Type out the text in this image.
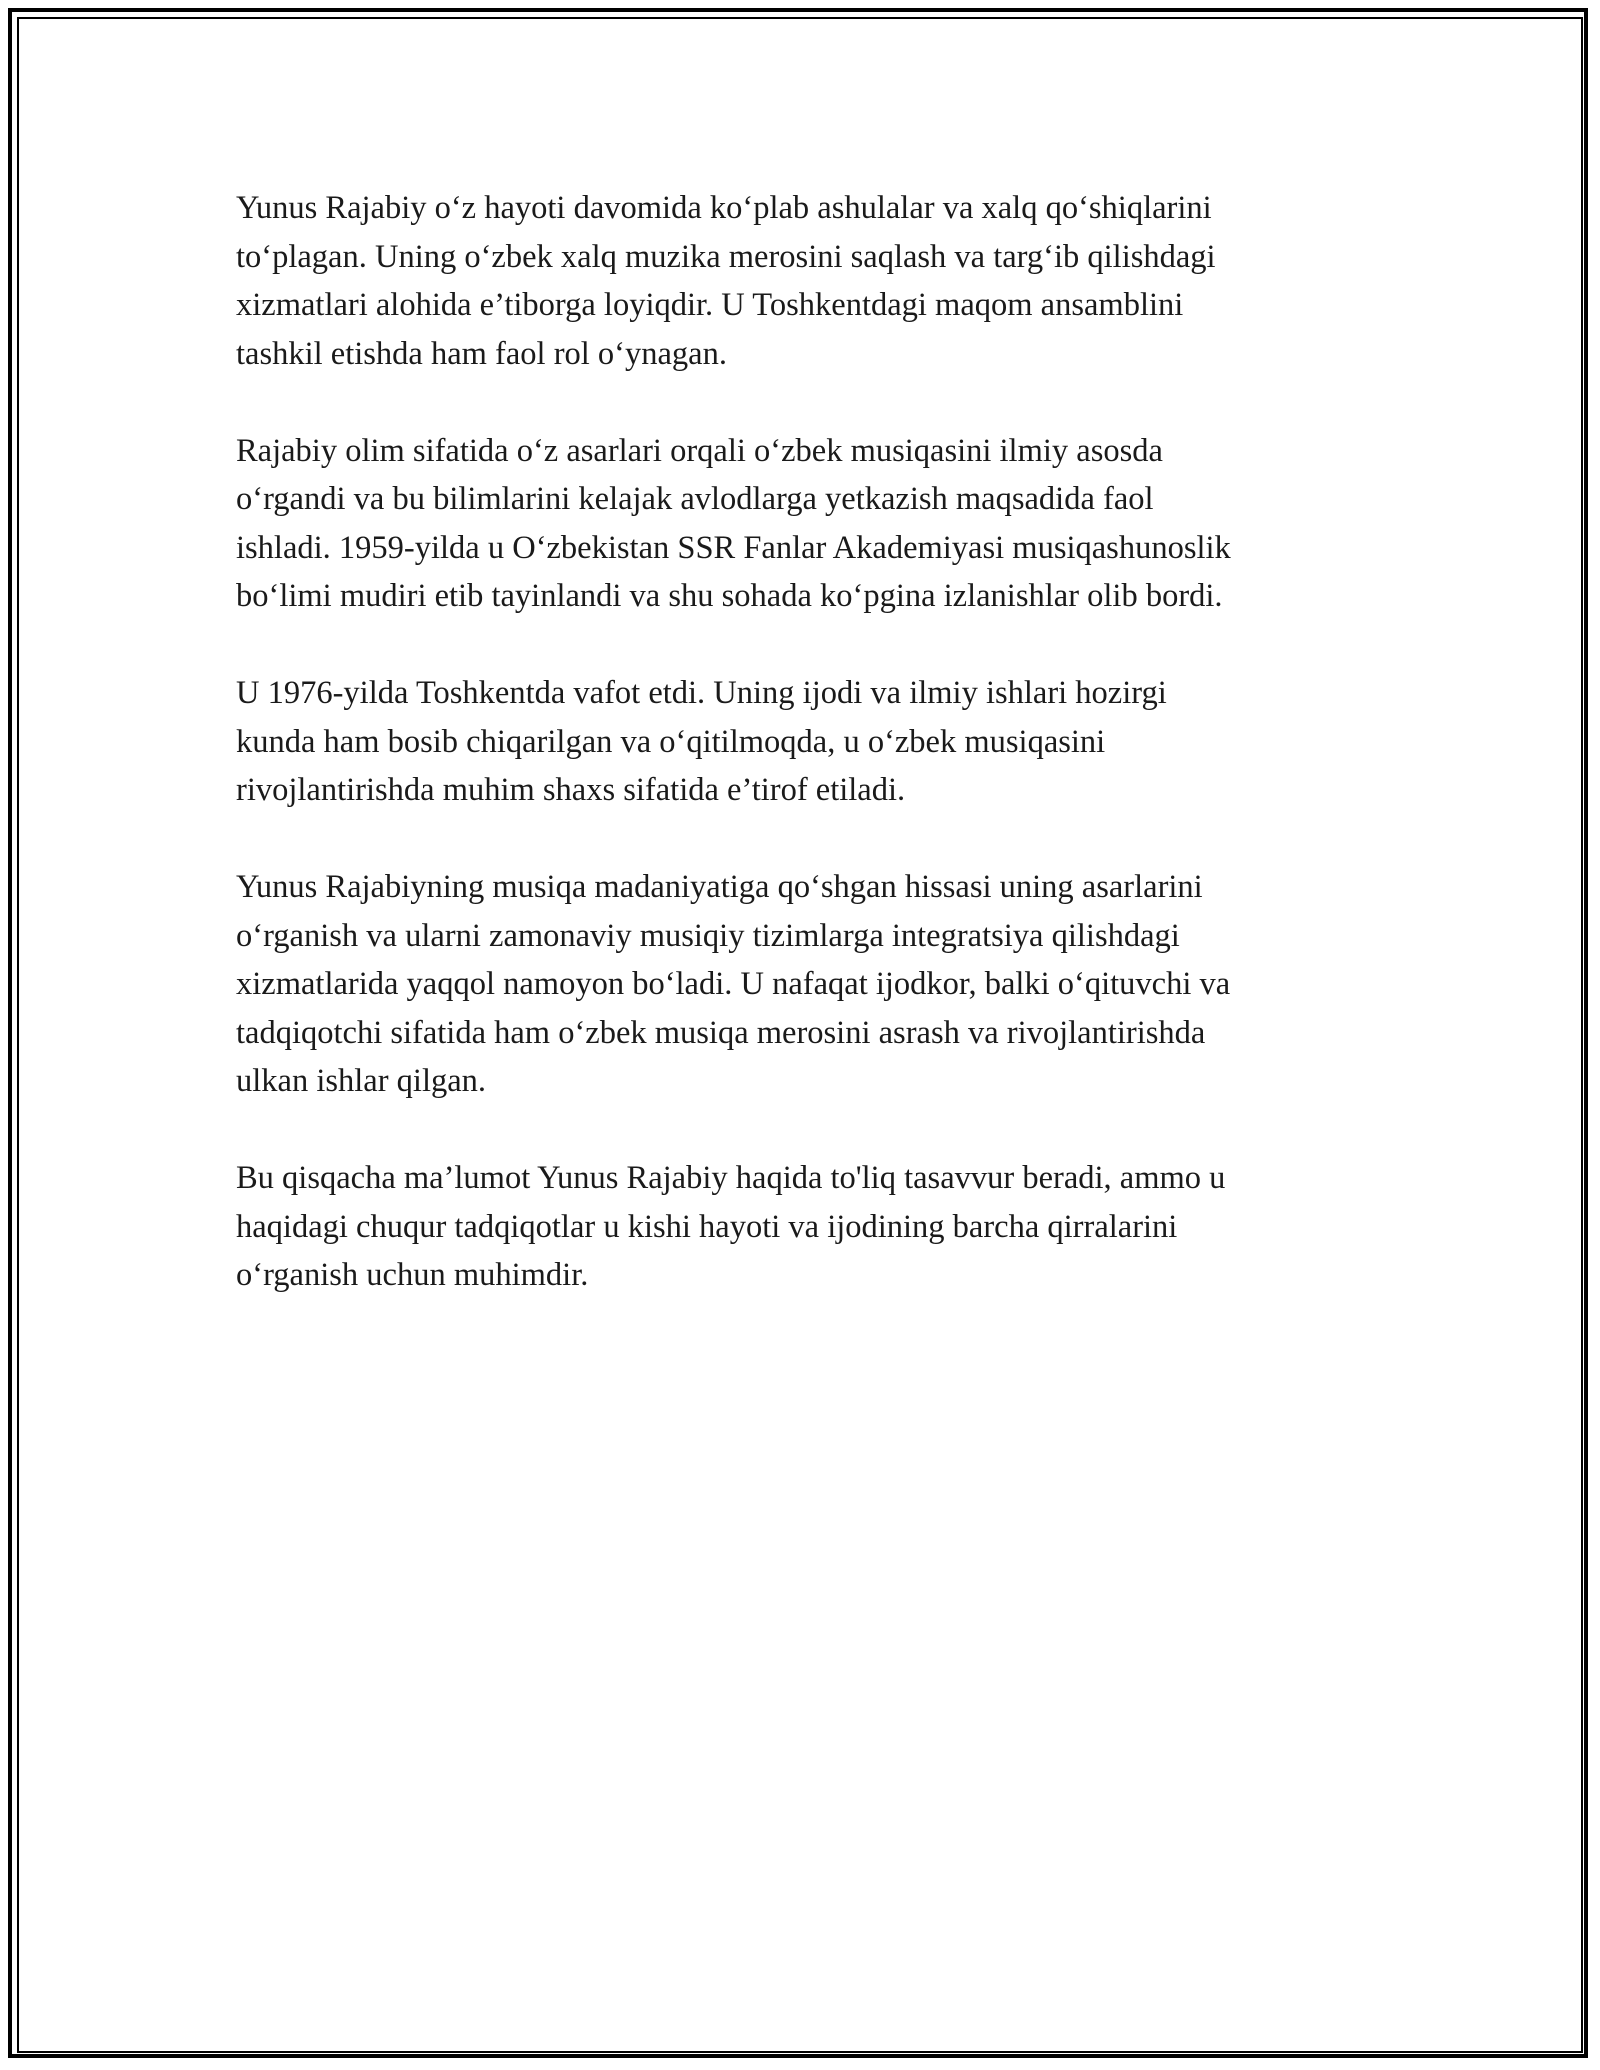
Yunus Rajabiy o‘z hayoti davomida ko‘plab ashulalar va xalq qo‘shiqlarini
to‘plagan. Uning o‘zbek xalq muzika merosini saqlash va targ‘ib qilishdagi
xizmatlari alohida e’tiborga loyiqdir. U Toshkentdagi maqom ansamblini
tashkil etishda ham faol rol o‘ynagan.

Rajabiy olim sifatida o‘z asarlari orqali o‘zbek musiqasini ilmiy asosda
o‘rgandi va bu bilimlarini kelajak avlodlarga yetkazish maqsadida faol
ishladi. 1959-yilda u O‘zbekistan SSR Fanlar Akademiyasi musiqashunoslik
bo‘limi mudiri etib tayinlandi va shu sohada ko‘pgina izlanishlar olib bordi.

U 1976-yilda Toshkentda vafot etdi. Uning ijodi va ilmiy ishlari hozirgi
kunda ham bosib chiqarilgan va o‘qitilmoqda, u o‘zbek musiqasini
rivojlantirishda muhim shaxs sifatida e’tirof etiladi.

Yunus Rajabiyning musiqa madaniyatiga qo‘shgan hissasi uning asarlarini
o‘rganish va ularni zamonaviy musiqiy tizimlarga integratsiya qilishdagi
xizmatlarida yaqqol namoyon bo‘ladi. U nafaqat ijodkor, balki o‘qituvchi va
tadqiqotchi sifatida ham o‘zbek musiqa merosini asrash va rivojlantirishda
ulkan ishlar qilgan.

Bu qisqacha ma’lumot Yunus Rajabiy haqida to'liq tasavvur beradi, ammo u
haqidagi chuqur tadqiqotlar u kishi hayoti va ijodining barcha qirralarini
o‘rganish uchun muhimdir.
